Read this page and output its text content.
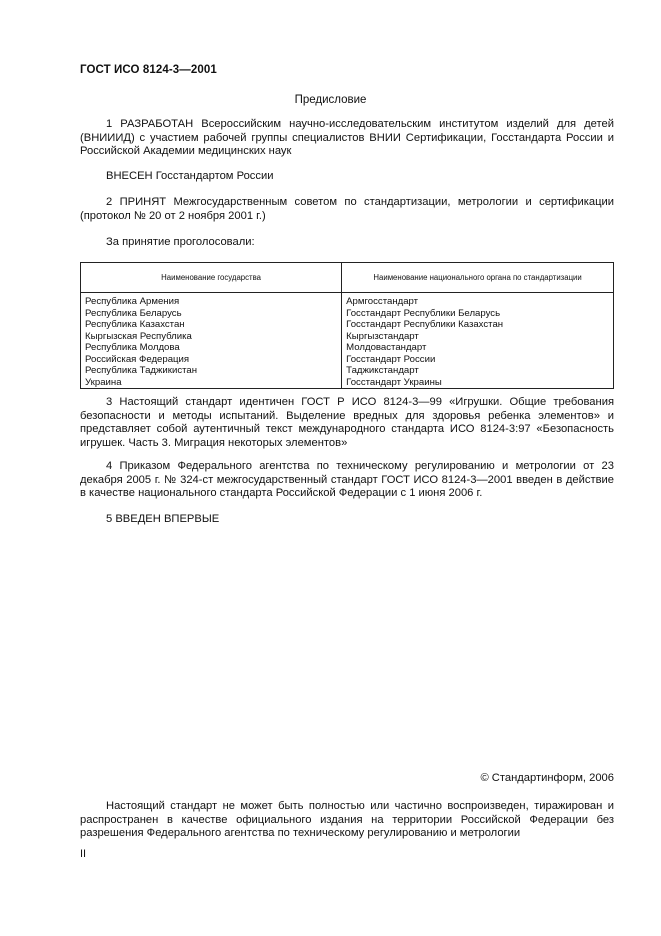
ГОСТ ИСО 8124-3—2001
Предисловие
1 РАЗРАБОТАН Всероссийским научно-исследовательским институтом изделий для детей (ВНИИИД) с участием рабочей группы специалистов ВНИИ Сертификации, Госстандарта России и Российской Академии медицинских наук
ВНЕСЕН Госстандартом России
2 ПРИНЯТ Межгосударственным советом по стандартизации, метрологии и сертификации (протокол № 20 от 2 ноября 2001 г.)
За принятие проголосовали:
Наименование государства	Наименование национального органа по стандартизации
Республика Армения	Армгосстандарт
Республика Беларусь	Госстандарт Республики Беларусь
Республика Казахстан	Госстандарт Республики Казахстан
Кыргызская Республика	Кыргызстандарт
Республика Молдова	Молдовастандарт
Российская Федерация	Госстандарт России
Республика Таджикистан	Таджикстандарт
Украина	Госстандарт Украины
3 Настоящий стандарт идентичен ГОСТ Р ИСО 8124-3—99 «Игрушки. Общие требования безопасности и методы испытаний. Выделение вредных для здоровья ребенка элементов» и представляет собой аутентичный текст международного стандарта ИСО 8124-3:97 «Безопасность игрушек. Часть 3. Миграция некоторых элементов»
4 Приказом Федерального агентства по техническому регулированию и метрологии от 23 декабря 2005 г. № 324-ст межгосударственный стандарт ГОСТ ИСО 8124-3—2001 введен в действие в качестве национального стандарта Российской Федерации с 1 июня 2006 г.
5 ВВЕДЕН ВПЕРВЫЕ
© Стандартинформ, 2006
Настоящий стандарт не может быть полностью или частично воспроизведен, тиражирован и распространен в качестве официального издания на территории Российской Федерации без разрешения Федерального агентства по техническому регулированию и метрологии
II
